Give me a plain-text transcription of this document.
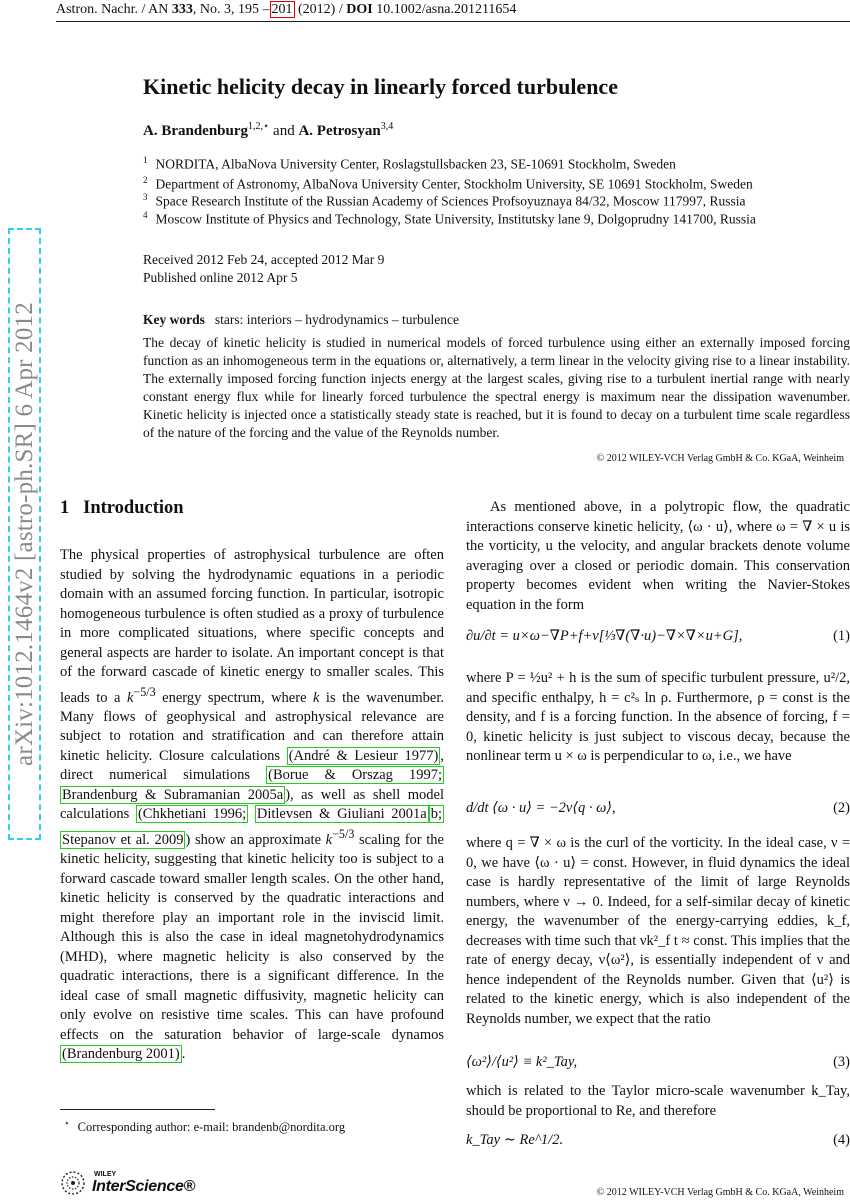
Astron. Nachr. / AN 333, No. 3, 195 – 201 (2012) / DOI 10.1002/asna.201211654
arXiv:1012.1464v2 [astro-ph.SR] 6 Apr 2012
Kinetic helicity decay in linearly forced turbulence
A. Brandenburg$^{1,2,⋆}$ and A. Petrosyan$^{3,4}$
$^1$ NORDITA, AlbaNova University Center, Roslagstullsbacken 23, SE-10691 Stockholm, Sweden
$^2$ Department of Astronomy, AlbaNova University Center, Stockholm University, SE 10691 Stockholm, Sweden
$^3$ Space Research Institute of the Russian Academy of Sciences Profsoyuznaya 84/32, Moscow 117997, Russia
$^4$ Moscow Institute of Physics and Technology, State University, Institutsky lane 9, Dolgoprudny 141700, Russia
Received 2012 Feb 24, accepted 2012 Mar 9
Published online 2012 Apr 5
Key words stars: interiors – hydrodynamics – turbulence
The decay of kinetic helicity is studied in numerical models of forced turbulence using either an externally imposed forcing function as an inhomogeneous term in the equations or, alternatively, a term linear in the velocity giving rise to a linear instability. The externally imposed forcing function injects energy at the largest scales, giving rise to a turbulent inertial range with nearly constant energy flux while for linearly forced turbulence the spectral energy is maximum near the dissipation wavenumber. Kinetic helicity is injected once a statistically steady state is reached, but it is found to decay on a turbulent time scale regardless of the nature of the forcing and the value of the Reynolds number.
© 2012 WILEY-VCH Verlag GmbH & Co. KGaA, Weinheim
1 Introduction

The physical properties of astrophysical turbulence are often studied by solving the hydrodynamic equations in a periodic domain with an assumed forcing function. In particular, isotropic homogeneous turbulence is often studied as a proxy of turbulence in more complicated situations, where specific concepts and general aspects are harder to isolate. An important concept is that of the forward cascade of kinetic energy to smaller scales. This leads to a $k^{-5/3}$ energy spectrum, where k is the wavenumber. Many flows of geophysical and astrophysical relevance are subject to rotation and stratification and can therefore attain kinetic helicity. Closure calculations (André & Lesieur 1977) , direct numerical simulations (Borue & Orszag 1997; Brandenburg & Subramanian 2005a ), as well as shell model calculations (Chkhetiani 1996; Ditlevsen & Giuliani 2001a b; Stepanov et al. 2009 ) show an approximate $k^{-5/3}$ scaling for the kinetic helicity, suggesting that kinetic helicity too is subject to a forward cascade toward smaller length scales. On the other hand, kinetic helicity is conserved by the quadratic interactions and might therefore play an important role in the inviscid limit. Although this is also the case in ideal magnetohydrodynamics (MHD), where magnetic helicity is also conserved by the quadratic interactions, there is a significant difference. In the ideal case of small magnetic diffusivity, magnetic helicity can only evolve on resistive time scales. This can have profound effects on the saturation behavior of large-scale dynamos (Brandenburg 2001) .

As mentioned above, in a polytropic flow, the quadratic interactions conserve kinetic helicity, ⟨ω · u⟩, where ω = ∇ × u is the vorticity, u the velocity, and angular brackets denote volume averaging over a closed or periodic domain. This conservation property becomes evident when writing the Navier-Stokes equation in the form
∂u/∂t = u×ω−∇P+f+ν[⅓∇(∇·u)−∇×∇×u+G],	(1)
where P = ½u² + h is the sum of specific turbulent pressure, u²/2, and specific enthalpy, h = c²ₛ ln ρ. Furthermore, ρ = const is the density, and f is a forcing function. In the absence of forcing, f = 0, kinetic helicity is just subject to viscous decay, because the nonlinear term u × ω is perpendicular to ω, i.e., we have
d/dt ⟨ω · u⟩ = −2ν⟨q · ω⟩,	(2)
where q = ∇ × ω is the curl of the vorticity. In the ideal case, ν = 0, we have ⟨ω · u⟩ = const. However, in fluid dynamics the ideal case is hardly representative of the limit of large Reynolds numbers, where ν → 0. Indeed, for a self-similar decay of kinetic energy, the wavenumber of the energy-carrying eddies, k_f, decreases with time such that νk²_f t ≈ const. This implies that the rate of energy decay, ν⟨ω²⟩, is essentially independent of ν and hence independent of the Reynolds number. Given that ⟨u²⟩ is related to the kinetic energy, which is also independent of the Reynolds number, we expect that the ratio
⟨ω²⟩/⟨u²⟩ ≡ k²_Tay,	(3)
which is related to the Taylor micro-scale wavenumber k_Tay, should be proportional to Re, and therefore
k_Tay ∼ Re^1/2.	(4)
⋆ Corresponding author: e-mail: brandenb@nordita.org
WILEY
InterScience®	© 2012 WILEY-VCH Verlag GmbH & Co. KGaA, Weinheim
